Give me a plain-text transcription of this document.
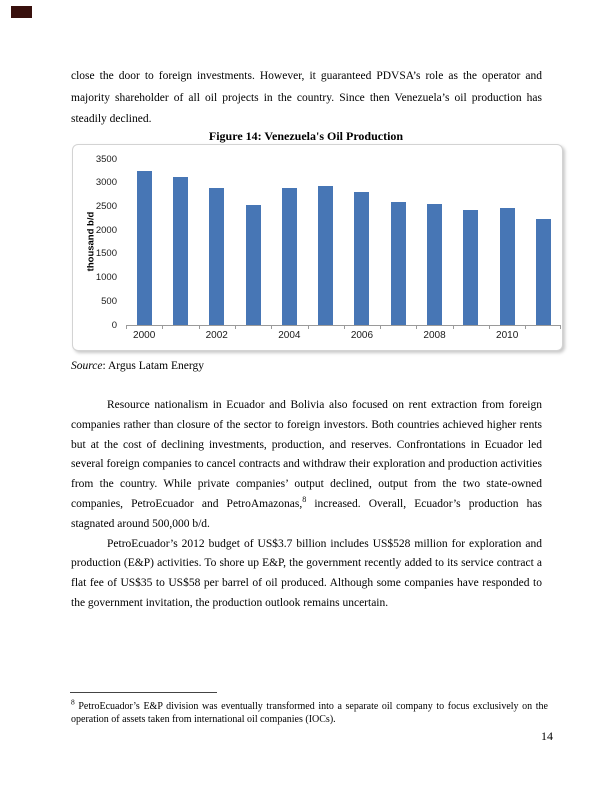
close the door to foreign investments. However, it guaranteed PDVSA’s role as the operator and majority shareholder of all oil projects in the country. Since then Venezuela’s oil production has steadily declined.

Figure 14: Venezuela's Oil Production
thousand b/d
3500
3000
2500
2000
1500
1000
500
0
2000	2002	2004	2006	2008	2010

Source: Argus Latam Energy

Resource nationalism in Ecuador and Bolivia also focused on rent extraction from foreign companies rather than closure of the sector to foreign investors. Both countries achieved higher rents but at the cost of declining investments, production, and reserves. Confrontations in Ecuador led several foreign companies to cancel contracts and withdraw their exploration and production activities from the country. While private companies’ output declined, output from the two state-owned companies, PetroEcuador and PetroAmazonas,$^8$ increased. Overall, Ecuador’s production has stagnated around 500,000 b/d.

PetroEcuador’s 2012 budget of US$3.7 billion includes US$528 million for exploration and production (E&P) activities. To shore up E&P, the government recently added to its service contract a flat fee of US$35 to US$58 per barrel of oil produced. Although some companies have responded to the government invitation, the production outlook remains uncertain.

$^8$ PetroEcuador’s E&P division was eventually transformed into a separate oil company to focus exclusively on the operation of assets taken from international oil companies (IOCs).

14
